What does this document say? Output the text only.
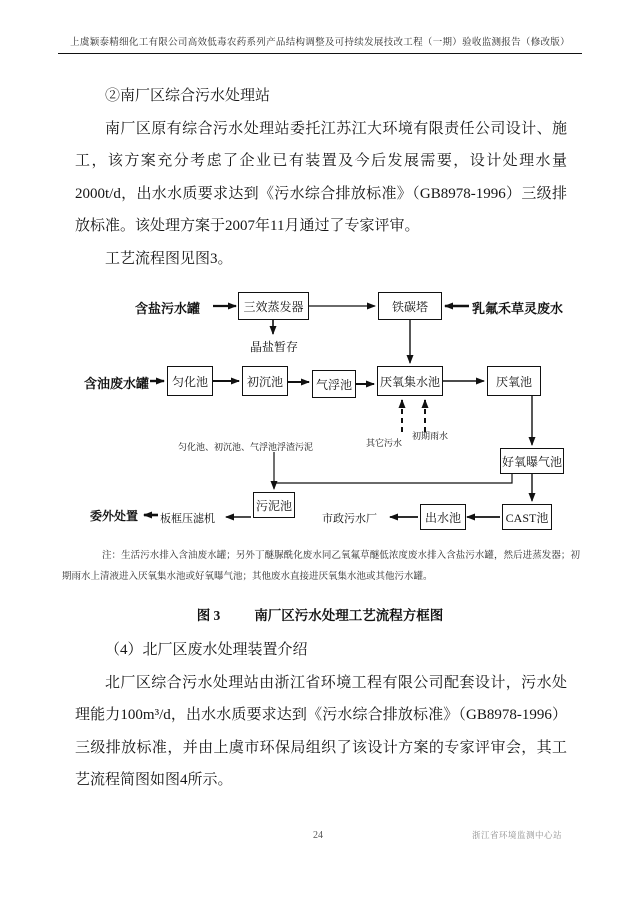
上虞颖泰精细化工有限公司高效低毒农药系列产品结构调整及可持续发展技改工程（一期）验收监测报告（修改版）

②南厂区综合污水处理站

南厂区原有综合污水处理站委托江苏江大环境有限责任公司设计、施工，该方案充分考虑了企业已有装置及今后发展需要，设计处理水量2000t/d，出水水质要求达到《污水综合排放标准》（GB8978-1996）三级排放标准。该处理方案于2007年11月通过了专家评审。

工艺流程图见图3。

含盐污水罐	乳氟禾草灵废水
含油废水罐
晶盐暂存
其它污水
初期雨水
匀化池、初沉池、气浮池浮渣污泥
市政污水厂
板框压滤机
委外处置
三效蒸发器	铁碳塔
匀化池	初沉池	气浮池	厌氧集水池	厌氧池
好氧曝气池
CAST池
出水池
污泥池
注：生活污水排入含油废水罐；另外丁醚脲酰化废水同乙氧氟草醚低浓度废水排入含盐污水罐，然后进蒸发器；初期雨水上清液进入厌氧集水池或好氧曝气池；其他废水直接进厌氧集水池或其他污水罐。
图 3	南厂区污水处理工艺流程方框图

（4）北厂区废水处理装置介绍

北厂区综合污水处理站由浙江省环境工程有限公司配套设计，污水处理能力100m³/d，出水水质要求达到《污水综合排放标准》（GB8978-1996）三级排放标准，并由上虞市环保局组织了该设计方案的专家评审会，其工艺流程简图如图4所示。

24	浙江省环境监测中心站
